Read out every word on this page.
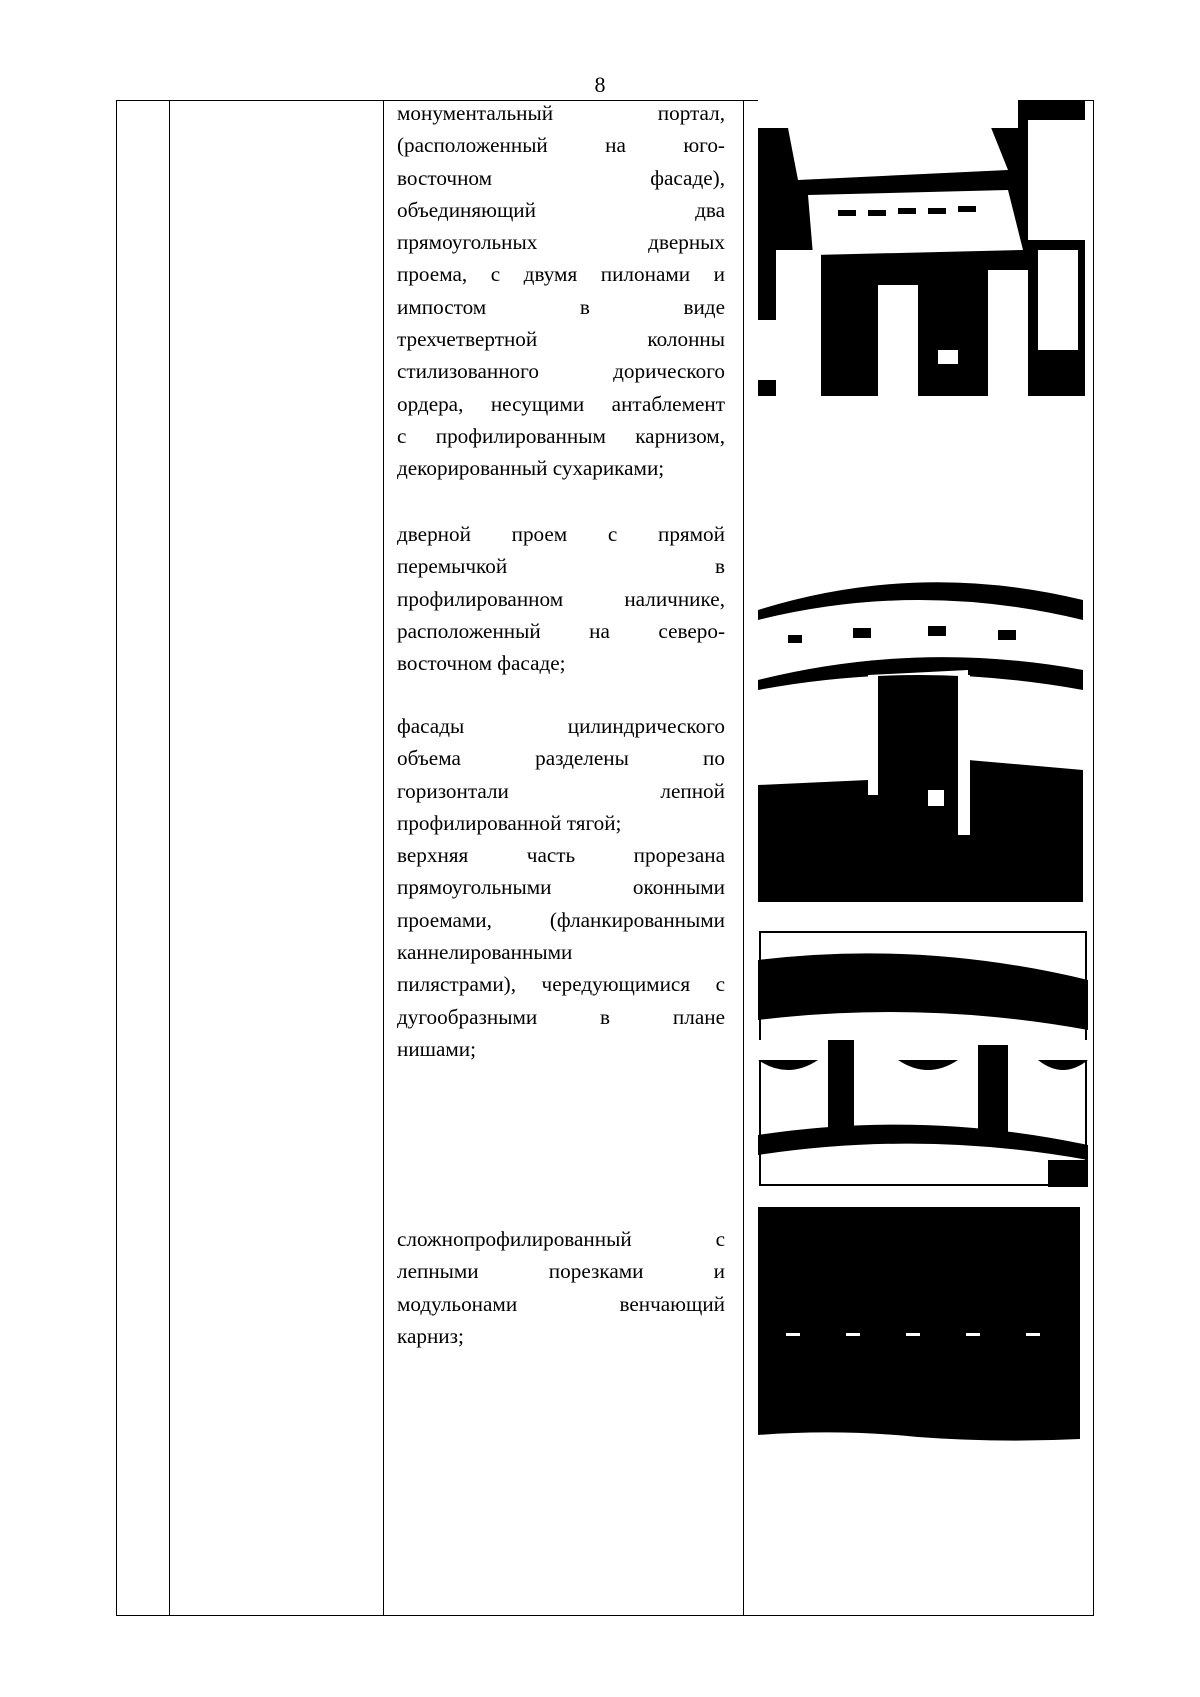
8
монументальный портал,
(расположенный на юго-
восточном фасаде),
объединяющий два
прямоугольных дверных
проема, с двумя пилонами и
импостом в виде
трехчетвертной колонны
стилизованного дорического
ордера, несущими антаблемент
с профилированным карнизом,
декорированный сухариками;
дверной проем с прямой
перемычкой в
профилированном наличнике,
расположенный на северо-
восточном фасаде;
фасады цилиндрического
объема разделены по
горизонтали лепной
профилированной тягой;
верхняя часть прорезана
прямоугольными оконными
проемами, (фланкированными
каннелированными
пилястрами), чередующимися с
дугообразными в плане
нишами;
сложнопрофилированный с
лепными порезками и
модульонами венчающий
карниз;
